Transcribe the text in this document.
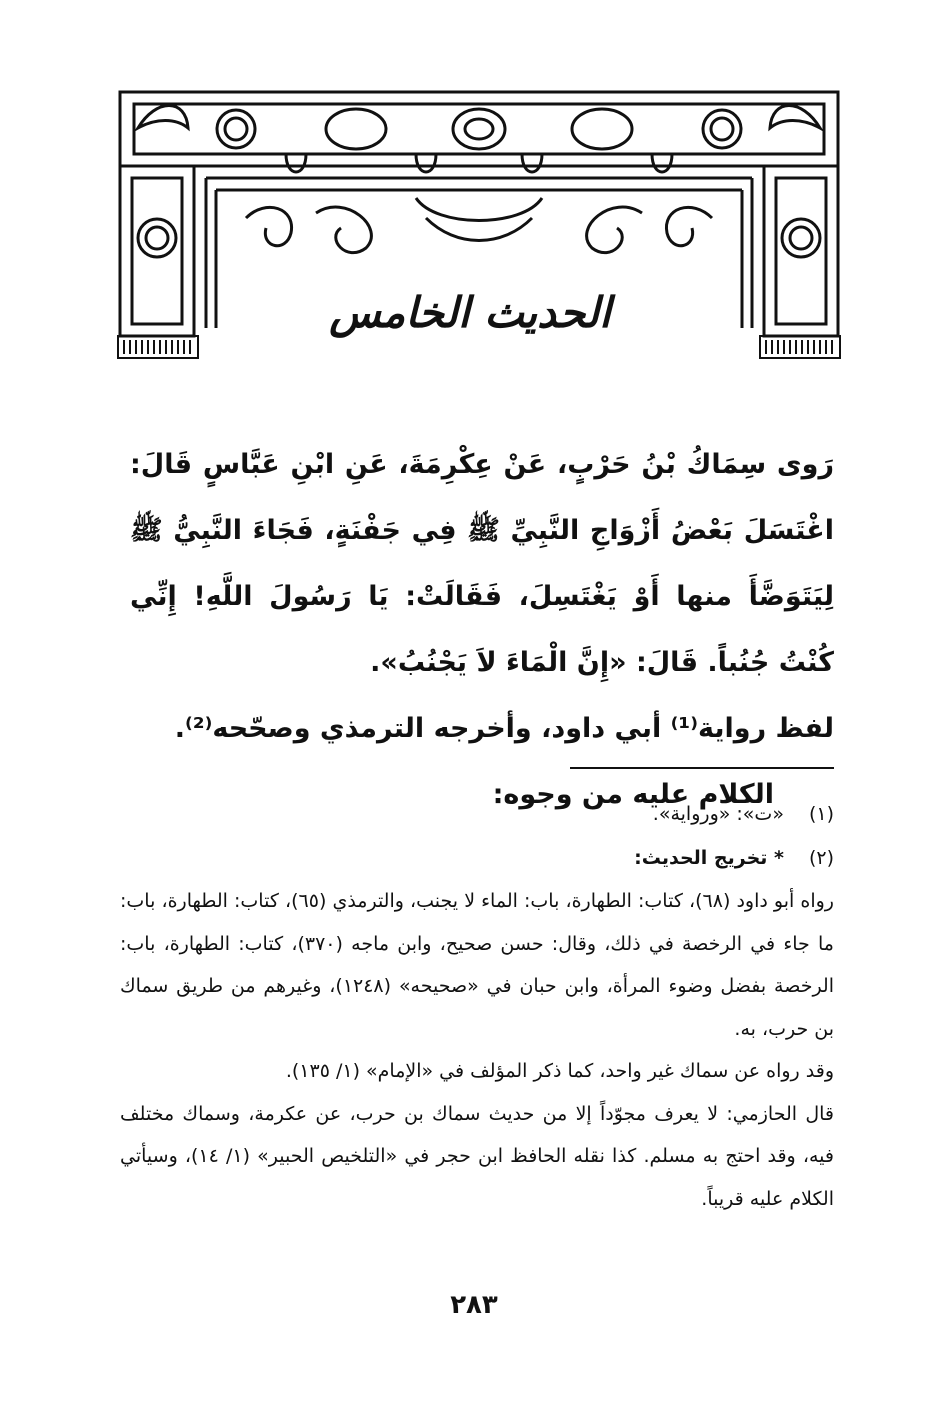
الحديث الخامس

رَوى سِمَاكُ بْنُ حَرْبٍ، عَنْ عِكْرِمَةَ، عَنِ ابْنِ عَبَّاسٍ قَالَ: اغْتَسَلَ بَعْضُ أَزْوَاجِ النَّبِيِّ ﷺ فِي جَفْنَةٍ، فَجَاءَ النَّبِيُّ ﷺ لِيَتَوَضَّأَ منها أَوْ يَغْتَسِلَ، فَقَالَتْ: يَا رَسُولَ اللَّهِ! إِنِّي كُنْتُ جُنُباً. قَالَ: «إِنَّ الْمَاءَ لاَ يَجْنُبُ».

لفظ رواية⁽¹⁾ أبي داود، وأخرجه الترمذي وصحّحه⁽²⁾.

الكلام عليه من وجوه:

(١) «ت»: «ورواية».

(٢) * تخريج الحديث:

رواه أبو داود (٦٨)، كتاب: الطهارة، باب: الماء لا يجنب، والترمذي (٦٥)، كتاب: الطهارة، باب: ما جاء في الرخصة في ذلك، وقال: حسن صحيح، وابن ماجه (٣٧٠)، كتاب: الطهارة، باب: الرخصة بفضل وضوء المرأة، وابن حبان في «صحيحه» (١٢٤٨)، وغيرهم من طريق سماك بن حرب، به.

وقد رواه عن سماك غير واحد، كما ذكر المؤلف في «الإمام» (١/ ١٣٥).

قال الحازمي: لا يعرف مجوّداً إلا من حديث سماك بن حرب، عن عكرمة، وسماك مختلف فيه، وقد احتج به مسلم. كذا نقله الحافظ ابن حجر في «التلخيص الحبير» (١/ ١٤)، وسيأتي الكلام عليه قريباً.

٢٨٣
